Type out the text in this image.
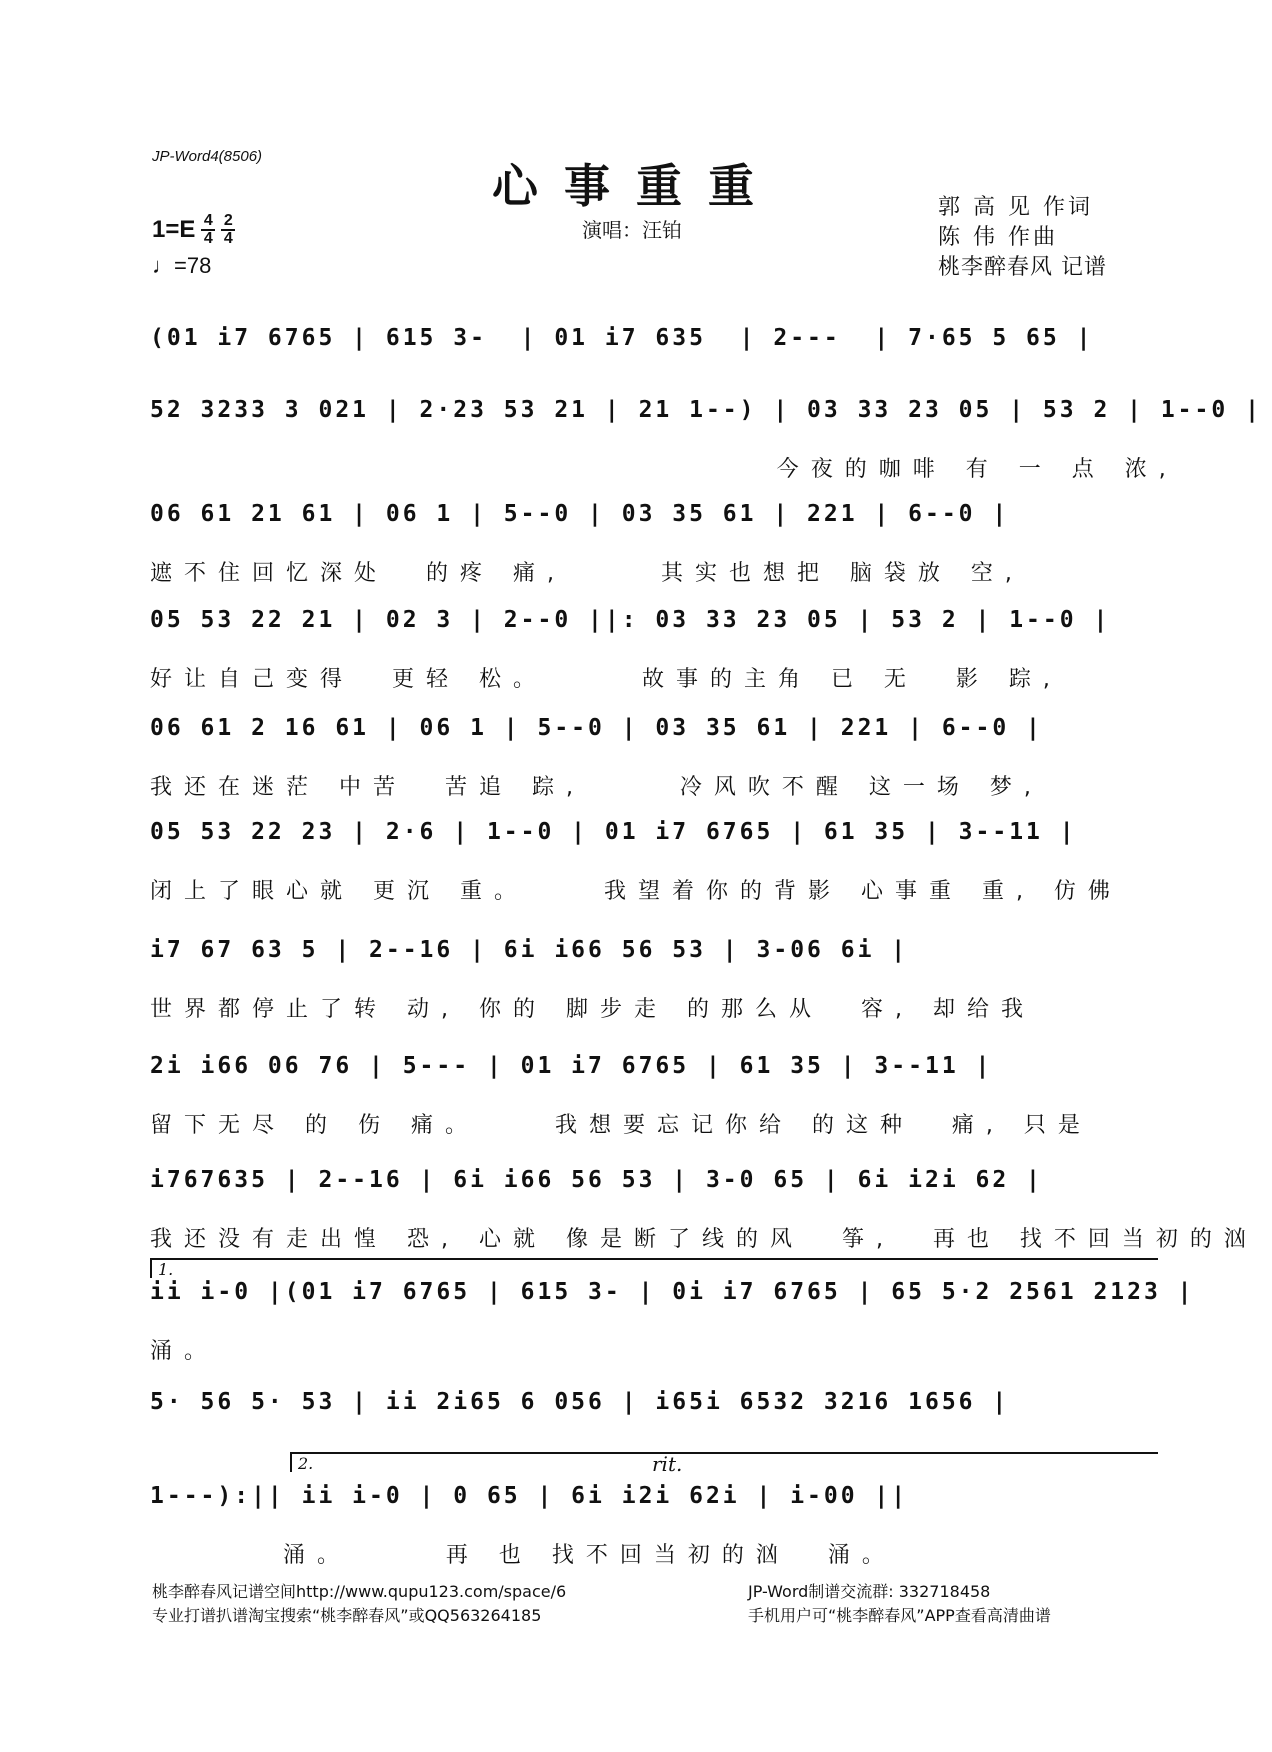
JP-Word4(8506)
心事重重
演唱：汪铂
$1=E \frac{4}{4} \frac{2}{4}$
♩=78
郭 高 见 作词
陈 伟 作曲
桃李醉春风 记谱
(01 i7 6765 | 615 3-  | 01 i7 635  | 2---  | 7·65 5 65 |
52 3233 3 021 | 2·23 53 21 | 21 1--) | 03 33 23 05 | 53 2 | 1--0 |
今夜的咖啡 有 一 点 浓,
06 61 21 61 | 06 1 | 5--0 | 03 35 61 | 221 | 6--0 |
遮不住回忆深处  的疼 痛,     其实也想把 脑袋放 空,
05 53 22 21 | 02 3 | 2--0 ||: 03 33 23 05 | 53 2 | 1--0 |
好让自己变得  更轻 松。     故事的主角 已 无  影 踪,
06 61 2 16 61 | 06 1 | 5--0 | 03 35 61 | 221 | 6--0 |
我还在迷茫 中苦  苦追 踪,     冷风吹不醒 这一场 梦,
05 53 22 23 | 2·6 | 1--0 | 01 i7 6765 | 61 35 | 3--11 |
闭上了眼心就 更沉 重。    我望着你的背影 心事重 重, 仿佛
i7 67 63 5 | 2--16 | 6i i66 56 53 | 3-06 6i |
世界都停止了转 动, 你的 脚步走 的那么从  容, 却给我
2i i66 06 76 | 5--- | 01 i7 6765 | 61 35 | 3--11 |
留下无尽 的 伤 痛。    我想要忘记你给 的这种  痛, 只是
i767635 | 2--16 | 6i i66 56 53 | 3-0 65 | 6i i2i 62 |
我还没有走出惶 恐, 心就 像是断了线的风  筝,  再也 找不回当初的汹
1.
ii i-0 |(01 i7 6765 | 615 3- | 0i i7 6765 | 65 5·2 2561 2123 |
涌。
5· 56 5· 53 | ii 2i65 6 056 | i65i 6532 3216 1656 |
2.	rit.
1---):|| ii i-0 | 0 65 | 6i i2i 62i | i-00 ||
涌。     再 也 找不回当初的汹  涌。
桃李醉春风记谱空间http://www.qupu123.com/space/6
专业打谱扒谱淘宝搜索“桃李醉春风”或QQ563264185
JP-Word制谱交流群: 332718458
手机用户可“桃李醉春风”APP查看高清曲谱
